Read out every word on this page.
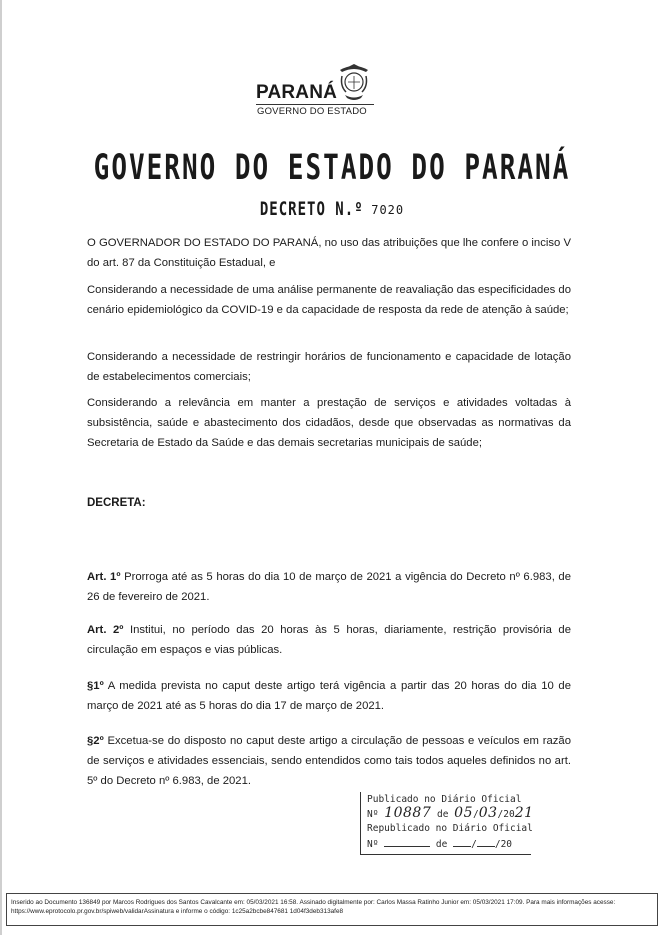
PARANÁ
GOVERNO DO ESTADO
GOVERNO DO ESTADO DO PARANÁ
DECRETO N.º 7020
O GOVERNADOR DO ESTADO DO PARANÁ, no uso das atribuições que lhe confere o inciso V do art. 87 da Constituição Estadual, e
Considerando a necessidade de uma análise permanente de reavaliação das especificidades do cenário epidemiológico da COVID-19 e da capacidade de resposta da rede de atenção à saúde;
Considerando a necessidade de restringir horários de funcionamento e capacidade de lotação de estabelecimentos comerciais;
Considerando a relevância em manter a prestação de serviços e atividades voltadas à subsistência, saúde e abastecimento dos cidadãos, desde que observadas as normativas da Secretaria de Estado da Saúde e das demais secretarias municipais de saúde;
DECRETA:
Art. 1º Prorroga até as 5 horas do dia 10 de março de 2021 a vigência do Decreto nº 6.983, de 26 de fevereiro de 2021.
Art. 2º Institui, no período das 20 horas às 5 horas, diariamente, restrição provisória de circulação em espaços e vias públicas.
§1º A medida prevista no caput deste artigo terá vigência a partir das 20 horas do dia 10 de março de 2021 até as 5 horas do dia 17 de março de 2021.
§2º Excetua-se do disposto no caput deste artigo a circulação de pessoas e veículos em razão de serviços e atividades essenciais, sendo entendidos como tais todos aqueles definidos no art. 5º do Decreto nº 6.983, de 2021.
Publicado no Diário Oficial
Nº 10887 de 05/03/2021
Republicado no Diário Oficial
Nº	de / /20
Inserido ao Documento 136849 por Marcos Rodrigues dos Santos Cavalcante em: 05/03/2021 16:58. Assinado digitalmente por: Carlos Massa Ratinho Junior em: 05/03/2021 17:09. Para mais informações acesse: https://www.eprotocolo.pr.gov.br/spiweb/validarAssinatura e informe o código: 1c25a2bcbe847681 1d04f3deb313afe8
